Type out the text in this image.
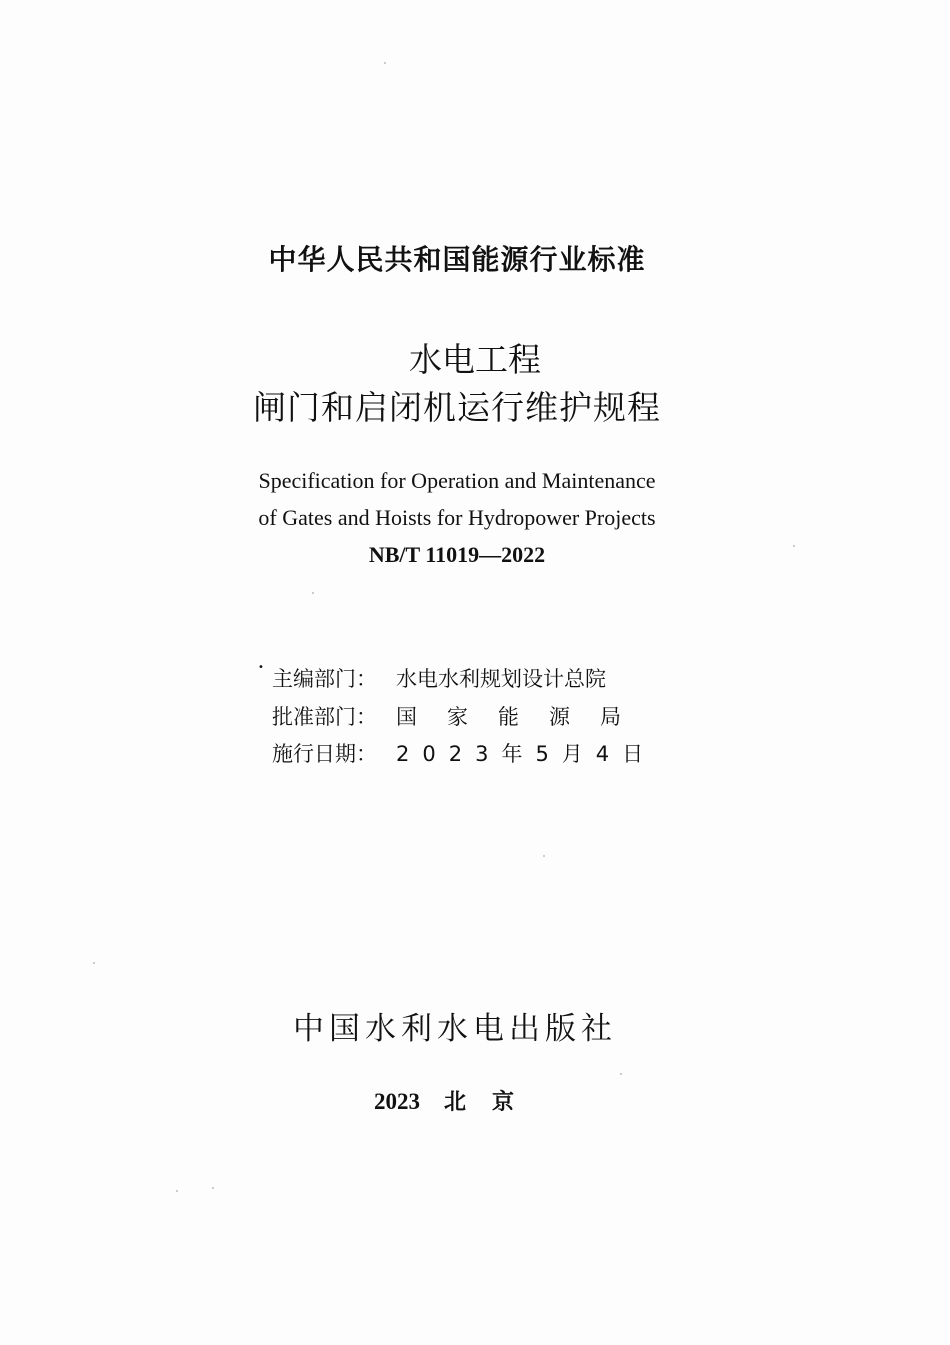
中华人民共和国能源行业标准
水电工程
闸门和启闭机运行维护规程
Specification for Operation and Maintenance
of Gates and Hoists for Hydropower Projects
NB/T 11019—2022
• 主编部门： 水电水利规划设计总院
批准部门： 国家能源局
施行日期： 2023年5月4日
中国水利水电出版社
2023 北京
